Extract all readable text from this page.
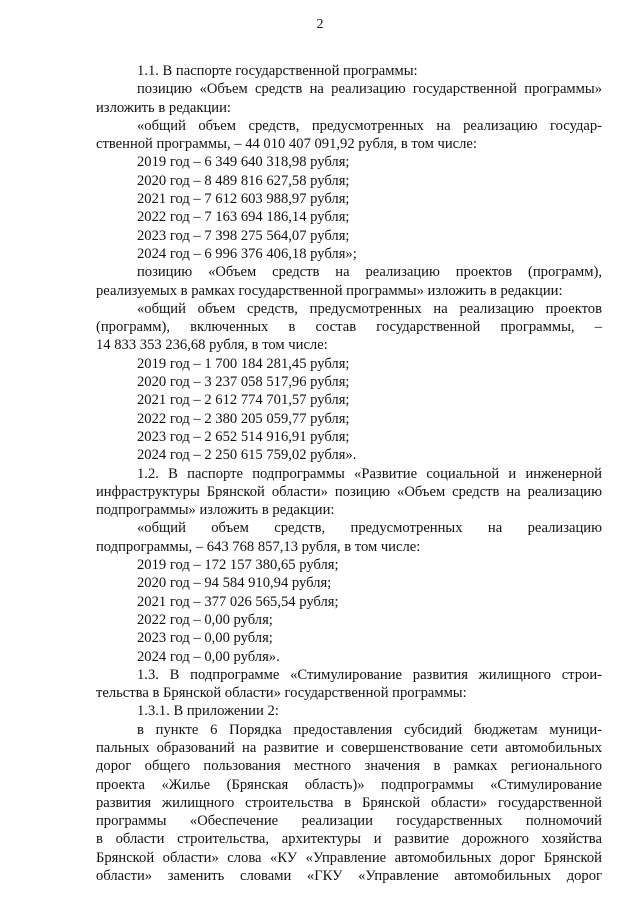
2
1.1. В паспорте государственной программы:
позицию «Объем средств на реализацию государственной программы»
изложить в редакции:
«общий объем средств, предусмотренных на реализацию государ-
ственной программы, – 44 010 407 091,92 рубля, в том числе:
2019 год – 6 349 640 318,98 рубля;
2020 год – 8 489 816 627,58 рубля;
2021 год – 7 612 603 988,97 рубля;
2022 год – 7 163 694 186,14 рубля;
2023 год – 7 398 275 564,07 рубля;
2024 год – 6 996 376 406,18 рубля»;
позицию «Объем средств на реализацию проектов (программ),
реализуемых в рамках государственной программы» изложить в редакции:
«общий объем средств, предусмотренных на реализацию проектов
(программ), включенных в состав государственной программы, –
14 833 353 236,68 рубля, в том числе:
2019 год – 1 700 184 281,45 рубля;
2020 год – 3 237 058 517,96 рубля;
2021 год – 2 612 774 701,57 рубля;
2022 год – 2 380 205 059,77 рубля;
2023 год – 2 652 514 916,91 рубля;
2024 год – 2 250 615 759,02 рубля».
1.2. В паспорте подпрограммы «Развитие социальной и инженерной
инфраструктуры Брянской области» позицию «Объем средств на реализацию
подпрограммы» изложить в редакции:
«общий объем средств, предусмотренных на реализацию
подпрограммы, – 643 768 857,13 рубля, в том числе:
2019 год – 172 157 380,65 рубля;
2020 год – 94 584 910,94 рубля;
2021 год – 377 026 565,54 рубля;
2022 год – 0,00 рубля;
2023 год – 0,00 рубля;
2024 год – 0,00 рубля».
1.3. В подпрограмме «Стимулирование развития жилищного строи-
тельства в Брянской области» государственной программы:
1.3.1. В приложении 2:
в пункте 6 Порядка предоставления субсидий бюджетам муници-
пальных образований на развитие и совершенствование сети автомобильных
дорог общего пользования местного значения в рамках регионального
проекта «Жилье (Брянская область)» подпрограммы «Стимулирование
развития жилищного строительства в Брянской области» государственной
программы «Обеспечение реализации государственных полномочий
в области строительства, архитектуры и развитие дорожного хозяйства
Брянской области» слова «КУ «Управление автомобильных дорог Брянской
области» заменить словами «ГКУ «Управление автомобильных дорог
